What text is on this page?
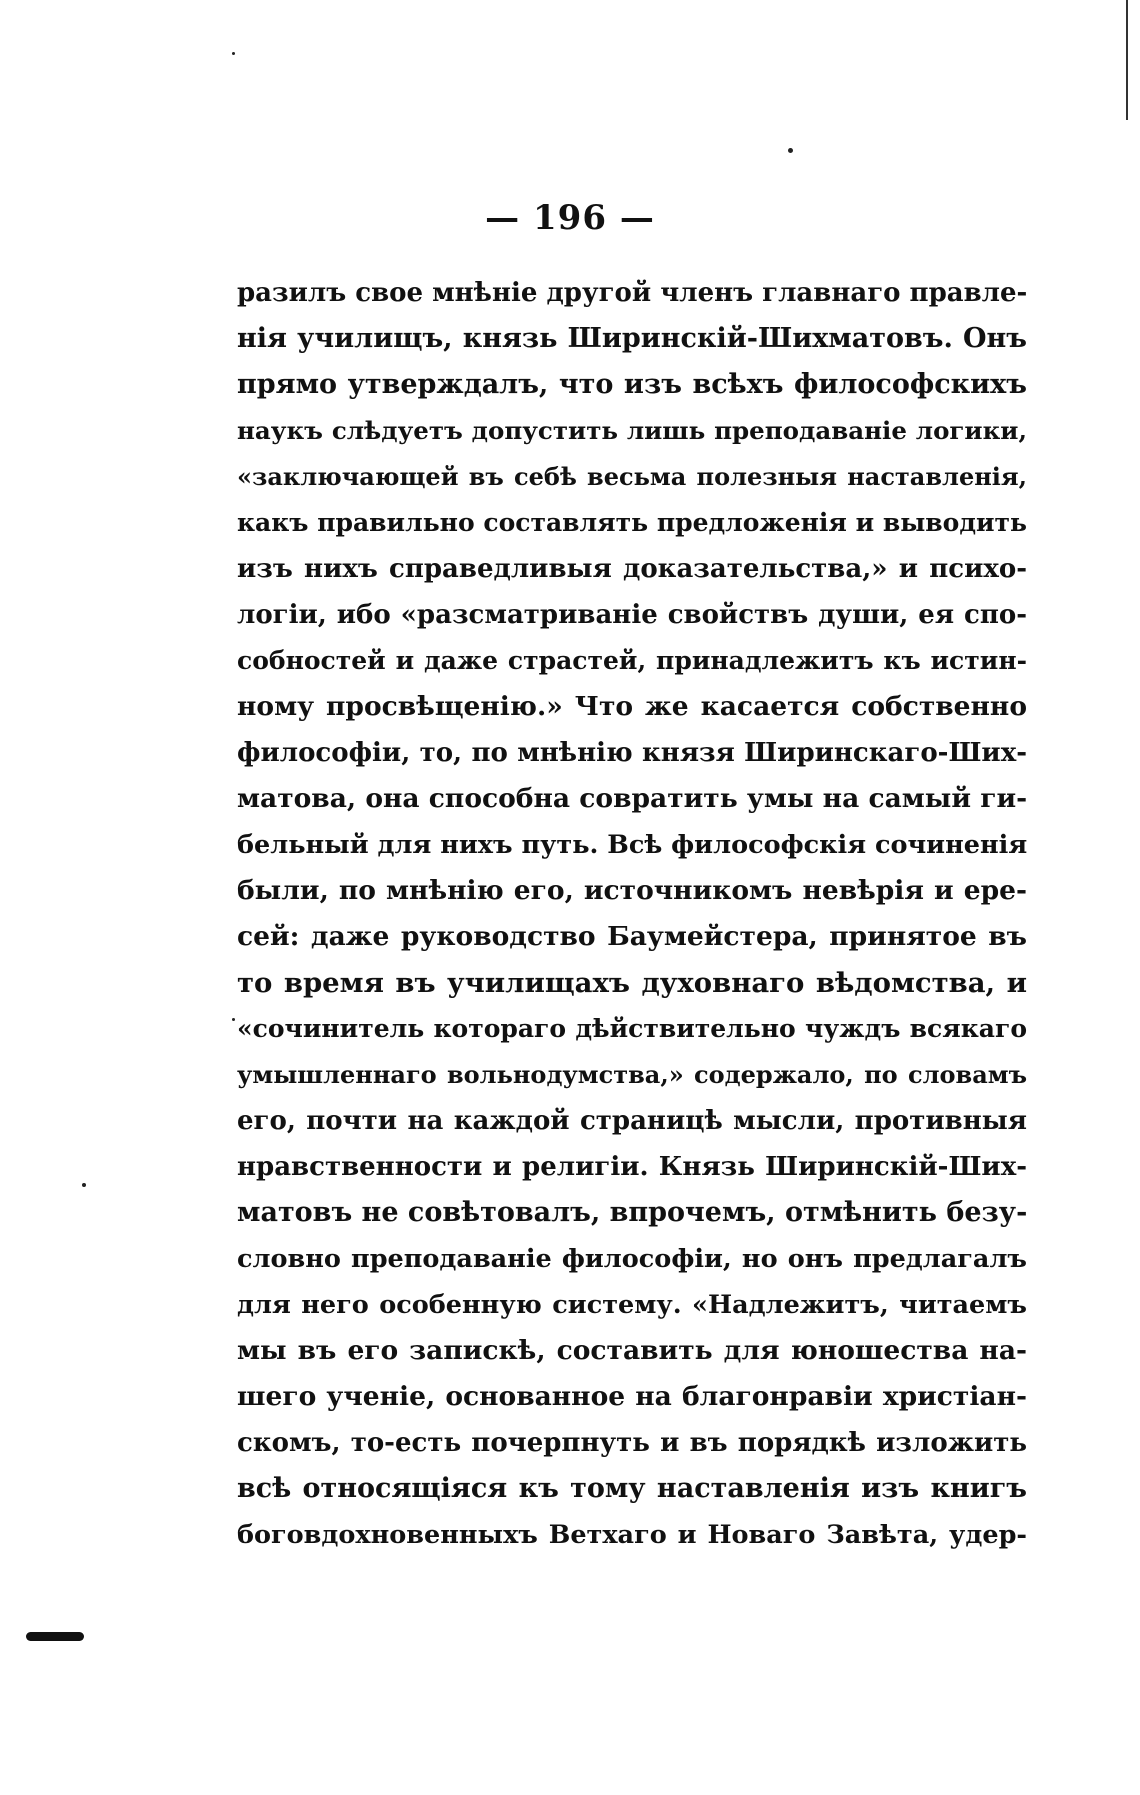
— 196 —
разилъ свое мнѣніе другой членъ главнаго правле-
нія училищъ, князь Ширинскій-Шихматовъ. Онъ
прямо утверждалъ, что изъ всѣхъ философскихъ
наукъ слѣдуетъ допустить лишь преподаваніе логики,
«заключающей въ себѣ весьма полезныя наставленія,
какъ правильно составлять предложенія и выводить
изъ нихъ справедливыя доказательства,» и психо-
логіи, ибо «разсматриваніе свойствъ души, ея спо-
собностей и даже страстей, принадлежитъ къ истин-
ному просвѣщенію.» Что же касается собственно
философіи, то, по мнѣнію князя Ширинскаго-Ших-
матова, она способна совратить умы на самый ги-
бельный для нихъ путь. Всѣ философскія сочиненія
были, по мнѣнію его, источникомъ невѣрія и ере-
сей: даже руководство Баумейстера, принятое въ
то время въ училищахъ духовнаго вѣдомства, и
«сочинитель котораго дѣйствительно чуждъ всякаго
умышленнаго вольнодумства,» содержало, по словамъ
его, почти на каждой страницѣ мысли, противныя
нравственности и религіи. Князь Ширинскій-Ших-
матовъ не совѣтовалъ, впрочемъ, отмѣнить безу-
словно преподаваніе философіи, но онъ предлагалъ
для него особенную систему. «Надлежитъ, читаемъ
мы въ его запискѣ, составить для юношества на-
шего ученіе, основанное на благонравіи христіан-
скомъ, то-есть почерпнуть и въ порядкѣ изложить
всѣ относящіяся къ тому наставленія изъ книгъ
боговдохновенныхъ Ветхаго и Новаго Завѣта, удер-
